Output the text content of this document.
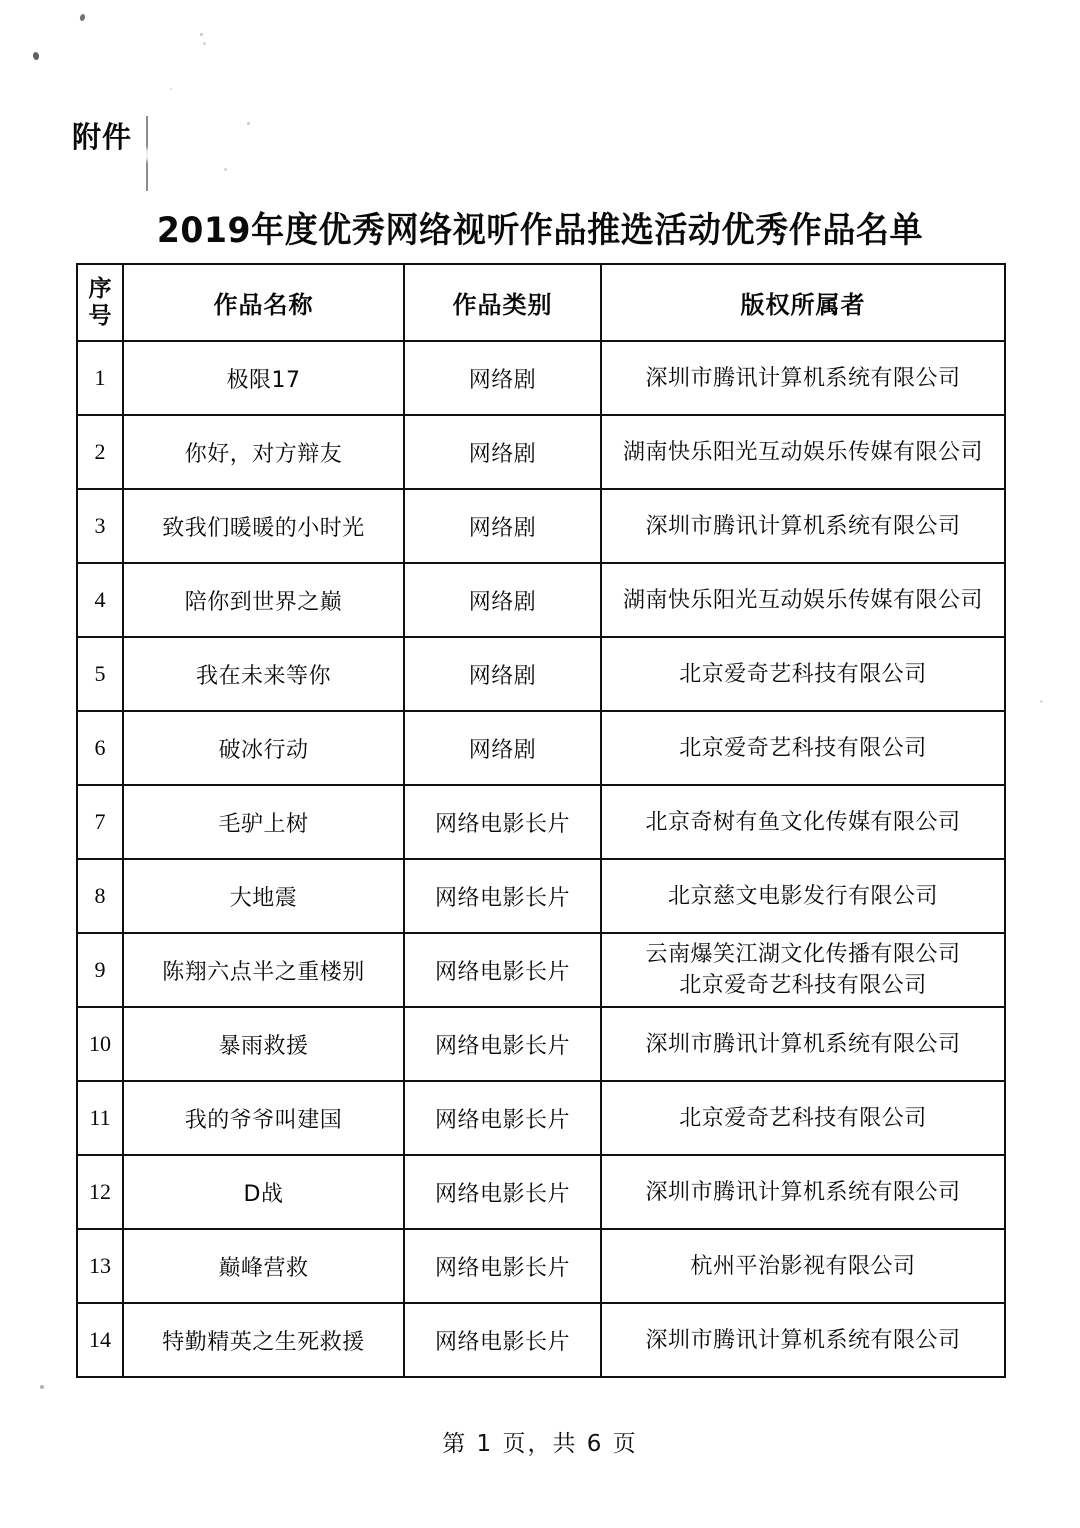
附件
2019年度优秀网络视听作品推选活动优秀作品名单
序
号	作品名称	作品类别	版权所属者
1	极限17	网络剧	深圳市腾讯计算机系统有限公司

2	你好，对方辩友	网络剧	湖南快乐阳光互动娱乐传媒有限公司

3	致我们暖暖的小时光	网络剧	深圳市腾讯计算机系统有限公司

4	陪你到世界之巅	网络剧	湖南快乐阳光互动娱乐传媒有限公司

5	我在未来等你	网络剧	北京爱奇艺科技有限公司

6	破冰行动	网络剧	北京爱奇艺科技有限公司

7	毛驴上树	网络电影长片	北京奇树有鱼文化传媒有限公司

8	大地震	网络电影长片	北京慈文电影发行有限公司

9	陈翔六点半之重楼别	网络电影长片	云南爆笑江湖文化传播有限公司
北京爱奇艺科技有限公司

10	暴雨救援	网络电影长片	深圳市腾讯计算机系统有限公司

11	我的爷爷叫建国	网络电影长片	北京爱奇艺科技有限公司

12	D战	网络电影长片	深圳市腾讯计算机系统有限公司

13	巅峰营救	网络电影长片	杭州平治影视有限公司

14	特勤精英之生死救援	网络电影长片	深圳市腾讯计算机系统有限公司
第 1 页，共 6 页
